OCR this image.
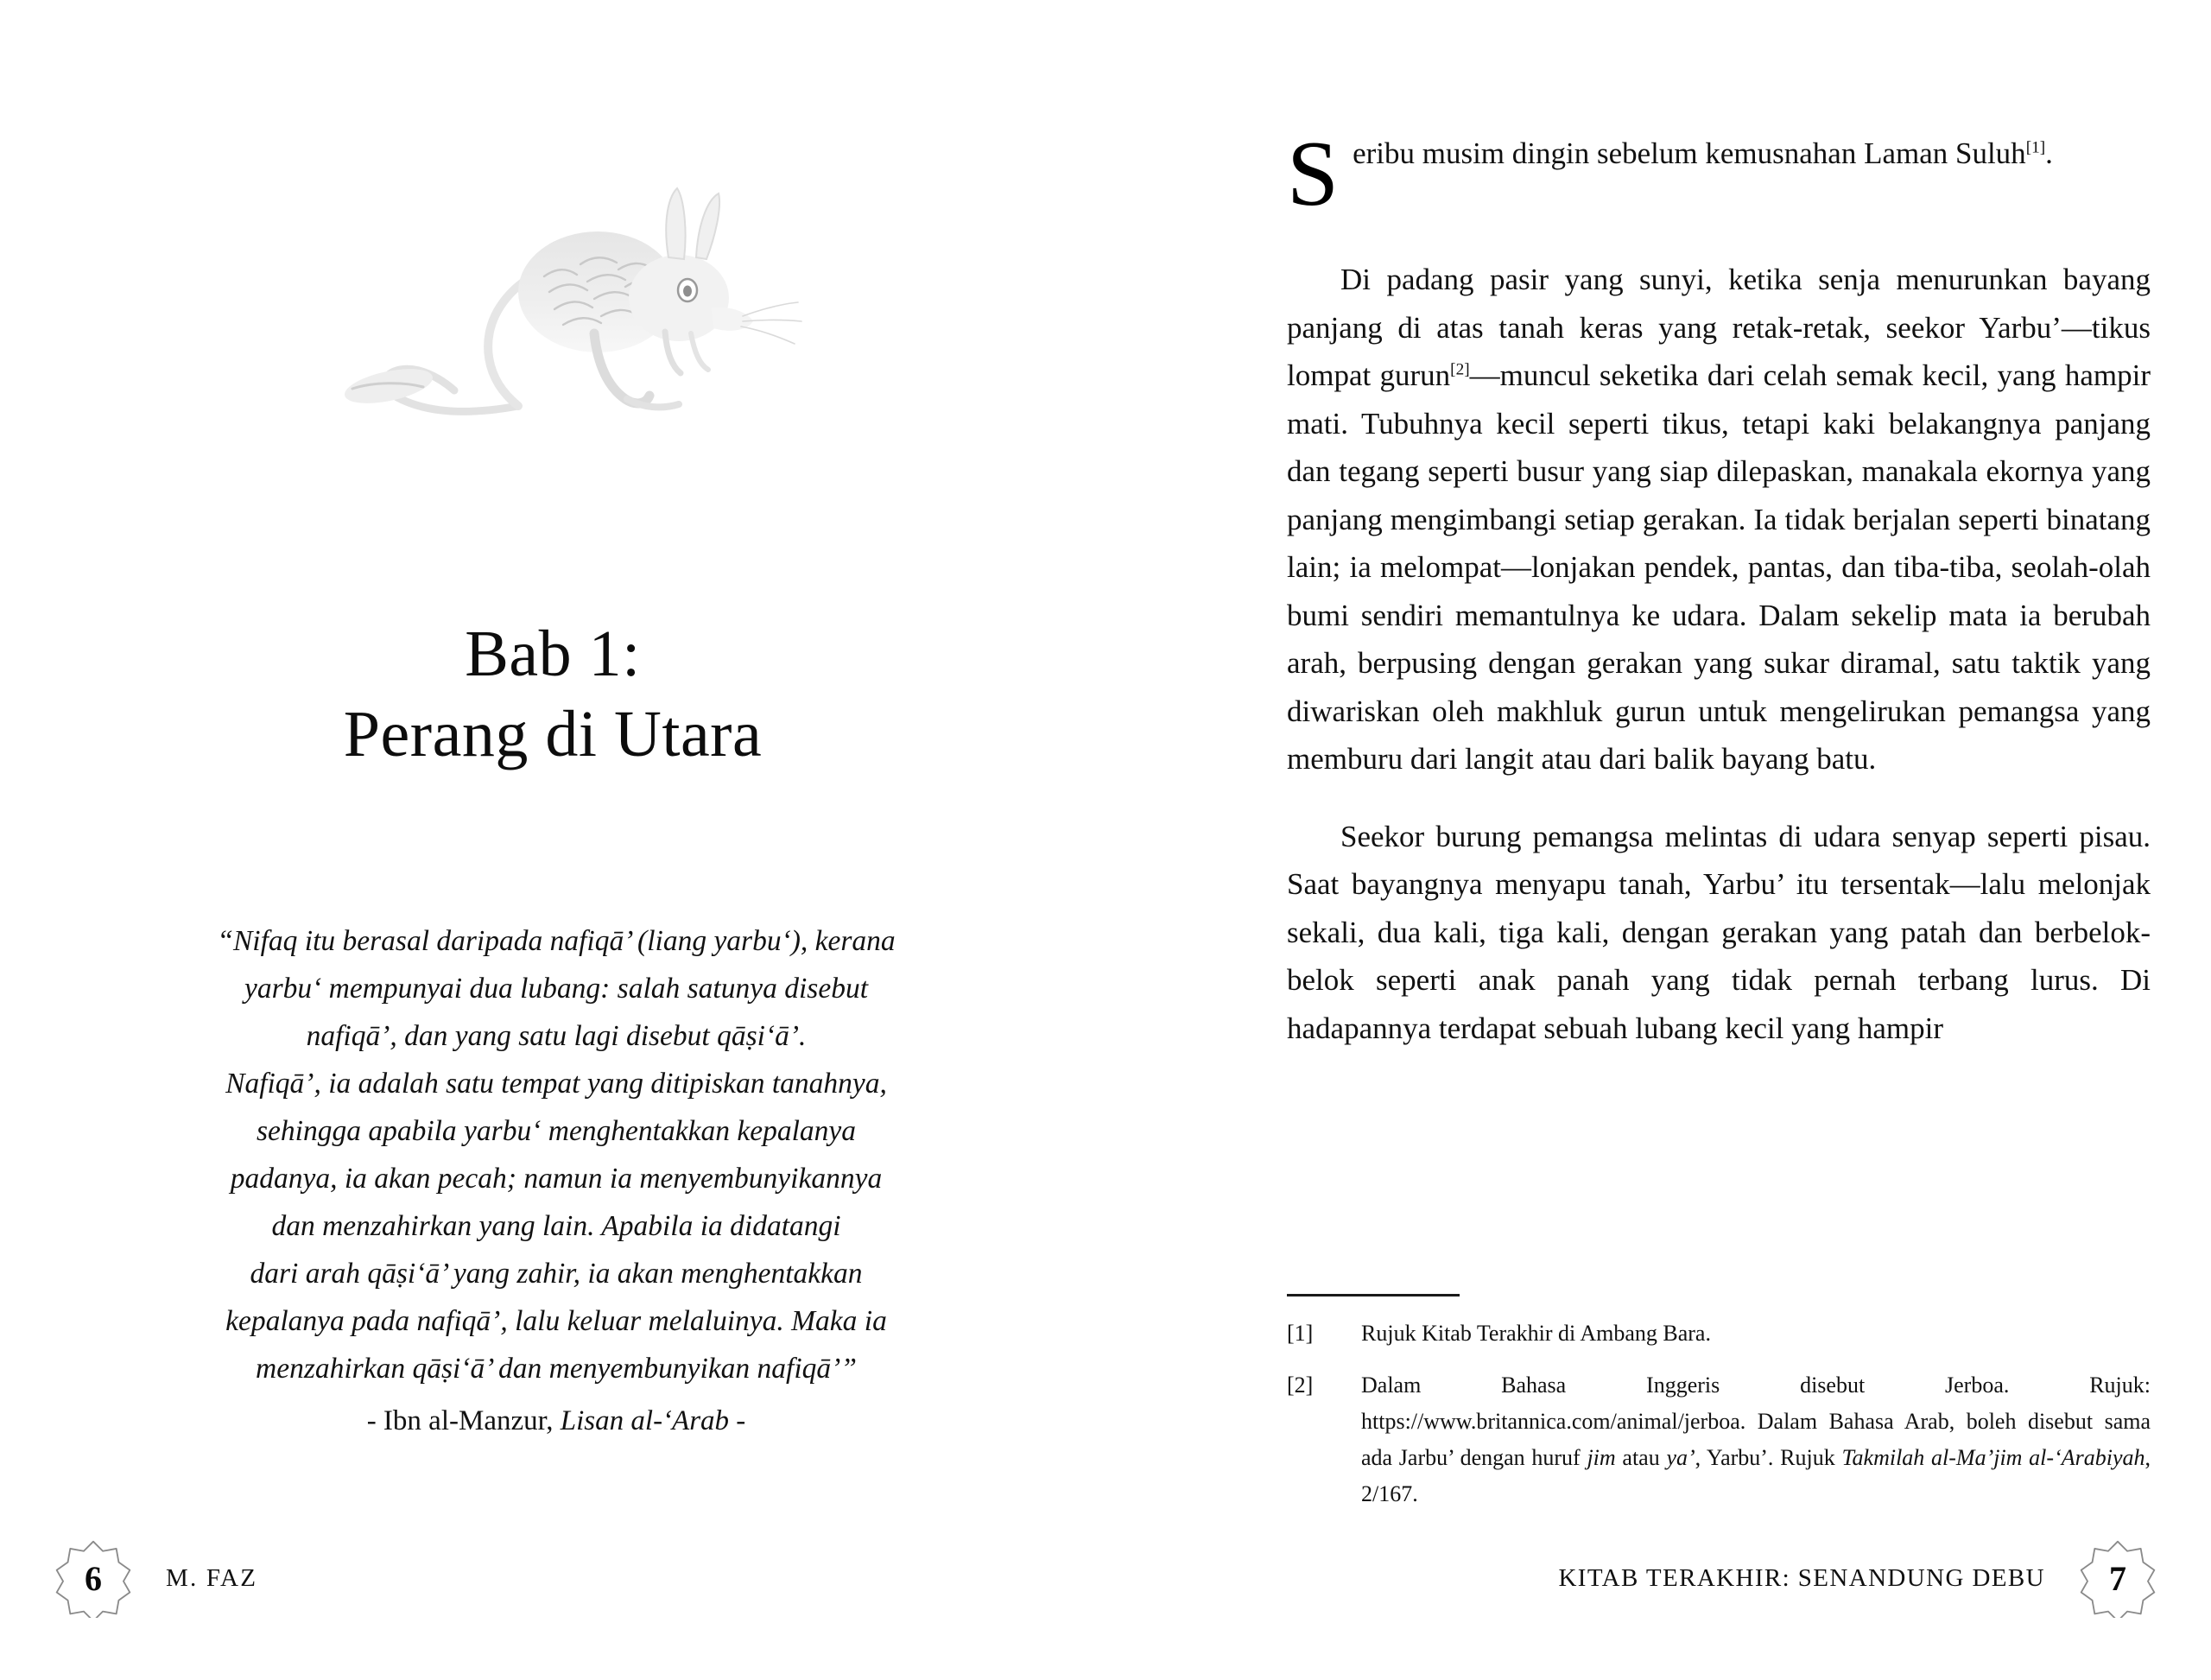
Bab 1:
Perang di Utara
“Nifaq itu berasal daripada nafiqā’ (liang yarbuʻ), kerana
yarbuʻ mempunyai dua lubang: salah satunya disebut
nafiqā’, dan yang satu lagi disebut qāṣiʻā’.
Nafiqā’, ia adalah satu tempat yang ditipiskan tanahnya,
sehingga apabila yarbuʻ menghentakkan kepalanya
padanya, ia akan pecah; namun ia menyembunyikannya
dan menzahirkan yang lain. Apabila ia didatangi
dari arah qāṣiʻā’ yang zahir, ia akan menghentakkan
kepalanya pada nafiqā’, lalu keluar melaluinya. Maka ia
menzahirkan qāṣiʻā’ dan menyembunyikan nafiqā’”
- Ibn al-Manzur, Lisan al-ʻArab -

Seribu musim dingin sebelum kemusnahan Laman Suluh[1].

Di padang pasir yang sunyi, ketika senja menurunkan bayang panjang di atas tanah keras yang retak-retak, seekor Yarbu’—tikus lompat gurun[2]—muncul seketika dari celah semak kecil, yang hampir mati. Tubuhnya kecil seperti tikus, tetapi kaki belakangnya panjang dan tegang seperti busur yang siap dilepaskan, manakala ekornya yang panjang mengimbangi setiap gerakan. Ia tidak berjalan seperti binatang lain; ia melompat—lonjakan pendek, pantas, dan tiba-tiba, seolah-olah bumi sendiri memantulnya ke udara. Dalam sekelip mata ia berubah arah, berpusing dengan gerakan yang sukar diramal, satu taktik yang diwariskan oleh makhluk gurun untuk mengelirukan pemangsa yang memburu dari langit atau dari balik bayang batu.

Seekor burung pemangsa melintas di udara senyap seperti pisau. Saat bayangnya menyapu tanah, Yarbu’ itu tersentak—lalu melonjak sekali, dua kali, tiga kali, dengan gerakan yang patah dan berbelok-belok seperti anak panah yang tidak pernah terbang lurus. Di hadapannya terdapat sebuah lubang kecil yang hampir

[1]	Rujuk Kitab Terakhir di Ambang Bara.
[2]	Dalam Bahasa Inggeris disebut Jerboa. Rujuk: https://www.britannica.com/animal/jerboa. Dalam Bahasa Arab, boleh disebut sama ada Jarbu’ dengan huruf jim atau ya’, Yarbu’. Rujuk Takmilah al-Ma’jim al-ʻArabiyah, 2/167.
6	M. FAZ	KITAB TERAKHIR: SENANDUNG DEBU	7
